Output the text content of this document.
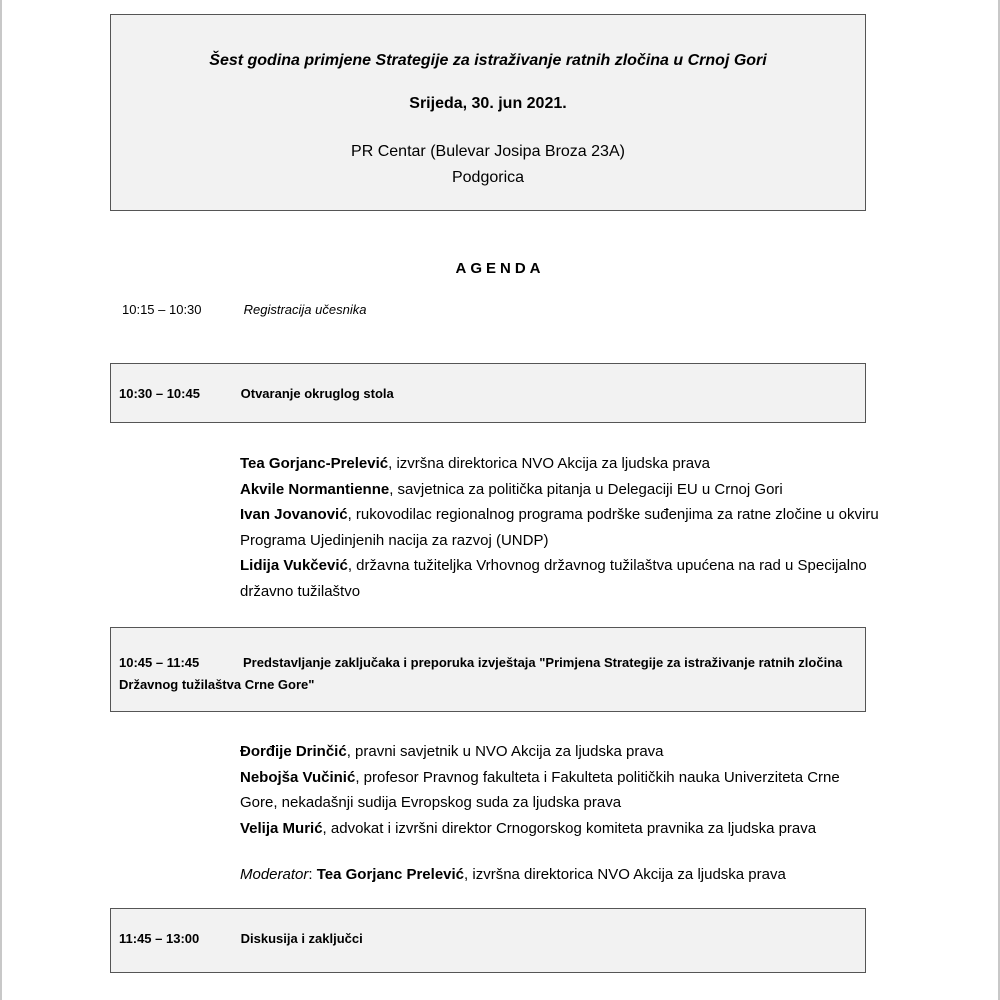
Šest godina primjene Strategije za istraživanje ratnih zločina u Crnoj Gori
Srijeda, 30. jun 2021.
PR Centar (Bulevar Josipa Broza 23A)
Podgorica
AGENDA
10:15 – 10:30	Registracija učesnika
10:30 – 10:45	Otvaranje okruglog stola
Tea Gorjanc-Prelević, izvršna direktorica NVO Akcija za ljudska prava
Akvile Normantienne, savjetnica za politička pitanja u Delegaciji EU u Crnoj Gori
Ivan Jovanović, rukovodilac regionalnog programa podrške suđenjima za ratne zločine u okviru Programa Ujedinjenih nacija za razvoj (UNDP)
Lidija Vukčević, državna tužiteljka Vrhovnog državnog tužilaštva upućena na rad u Specijalno državno tužilaštvo
10:45 – 11:45	Predstavljanje zaključaka i preporuka izvještaja "Primjena Strategije za istraživanje ratnih zločina Državnog tužilaštva Crne Gore"
Đorđije Drinčić, pravni savjetnik u NVO Akcija za ljudska prava
Nebojša Vučinić, profesor Pravnog fakulteta i Fakulteta političkih nauka Univerziteta Crne Gore, nekadašnji sudija Evropskog suda za ljudska prava
Velija Murić, advokat i izvršni direktor Crnogorskog komiteta pravnika za ljudska prava
Moderator: Tea Gorjanc Prelević, izvršna direktorica NVO Akcija za ljudska prava
11:45 – 13:00	Diskusija i zaključci
